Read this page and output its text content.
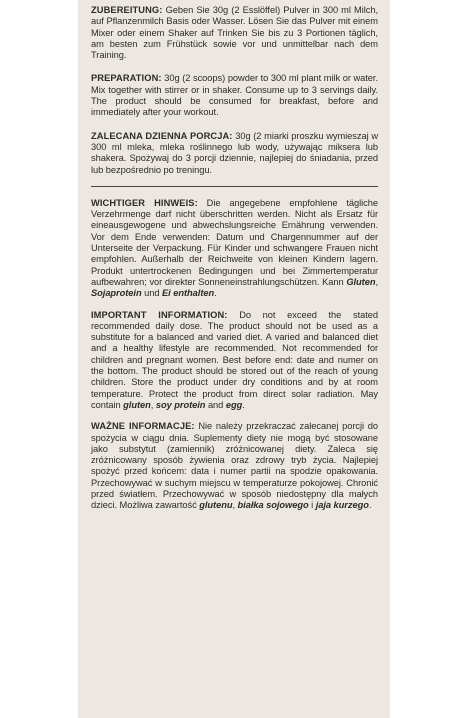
ZUBEREITUNG: Geben Sie 30g (2 Esslöffel) Pulver in 300 ml Milch, auf Pflanzenmilch Basis oder Wasser. Lösen Sie das Pulver mit einem Mixer oder einem Shaker auf Trinken Sie bis zu 3 Portionen täglich, am besten zum Frühstück sowie vor und unmittelbar nach dem Training.

PREPARATION: 30g (2 scoops) powder to 300 ml plant milk or water. Mix together with stirrer or in shaker. Consume up to 3 servings daily. The product should be consumed for breakfast, before and immediately after your workout.

ZALECANA DZIENNA PORCJA: 30g (2 miarki proszku wymieszaj w 300 ml mleka, mleka roślinnego lub wody, używając miksera lub shakera. Spożywaj do 3 porcji dziennie, najlepiej do śniadania, przed lub bezpośrednio po treningu.

WICHTIGER HINWEIS: Die angegebene empfohlene tägliche Verzehrmenge darf nicht überschritten werden. Nicht als Ersatz für eineausgewogene und abwechslungsreiche Ernährung verwenden. Vor dem Ende verwenden: Datum und Chargennummer auf der Unterseite der Verpackung. Für Kinder und schwangere Frauen nicht empfohlen. Außerhalb der Reichweite von kleinen Kindern lagern. Produkt untertrockenen Bedingungen und bei Zimmertemperatur aufbewahren; vor direkter Sonneneinstrahlungschützen. Kann Gluten, Sojaprotein und Ei enthalten.

IMPORTANT INFORMATION: Do not exceed the stated recommended daily dose. The product should not be used as a substitute for a balanced and varied diet. A varied and balanced diet and a healthy lifestyle are recommended. Not recommended for children and pregnant women. Best before end: date and numer on the bottom. The product should be stored out of the reach of young children. Store the product under dry conditions and by at room temperature. Protect the product from direct solar radiation. May contain gluten, soy protein and egg.

WAŻNE INFORMACJE: Nie należy przekraczać zalecanej porcji do spożycia w ciągu dnia. Suplementy diety nie mogą być stosowane jako substytut (zamiennik) zróżnicowanej diety. Zaleca się zróżnicowany sposób żywienia oraz zdrowy tryb życia. Najlepiej spożyć przed końcem: data i numer partii na spodzie opakowania. Przechowywać w suchym miejscu w temperaturze pokojowej. Chronić przed światłem. Przechowywać w sposób niedostępny dla małych dzieci. Możliwa zawartość glutenu, białka sojowego i jaja kurzego.
